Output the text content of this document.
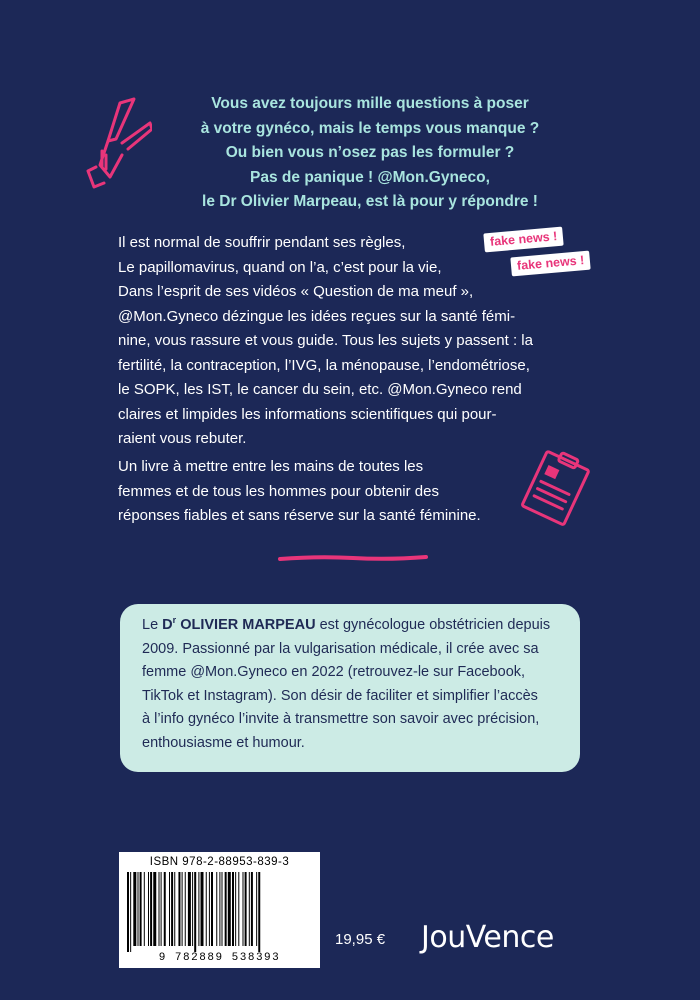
Vous avez toujours mille questions à poser
à votre gynéco, mais le temps vous manque ?
Ou bien vous n’osez pas les formuler ?
Pas de panique ! @Mon.Gyneco,
le Dr Olivier Marpeau, est là pour y répondre !
Il est normal de souffrir pendant ses règles,
Le papillomavirus, quand on l’a, c’est pour la vie,
Dans l’esprit de ses vidéos « Question de ma meuf »,
@Mon.Gyneco dézingue les idées reçues sur la santé fémi-
nine, vous rassure et vous guide. Tous les sujets y passent : la
fertilité, la contraception, l’IVG, la ménopause, l’endométriose,
le SOPK, les IST, le cancer du sein, etc. @Mon.Gyneco rend
claires et limpides les informations scientifiques qui pour-
raient vous rebuter.
fake news !
fake news !
Un livre à mettre entre les mains de toutes les
femmes et de tous les hommes pour obtenir des
réponses fiables et sans réserve sur la santé féminine.
Le $D^r$ OLIVIER MARPEAU est gynécologue obstétricien depuis
2009. Passionné par la vulgarisation médicale, il crée avec sa
femme @Mon.Gyneco en 2022 (retrouvez-le sur Facebook,
TikTok et Instagram). Son désir de faciliter et simplifier l’accès
à l’info gynéco l’invite à transmettre son savoir avec précision,
enthousiasme et humour.
ISBN 978-2-88953-839-3
9 782889 538393
19,95 € JouVence
